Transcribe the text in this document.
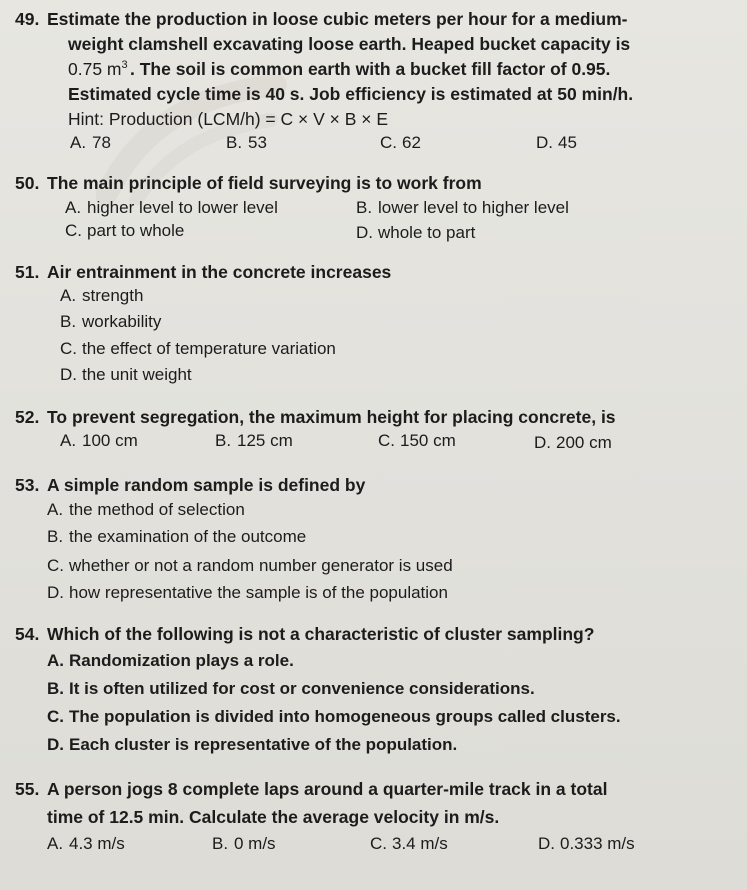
49. Estimate the production in loose cubic meters per hour for a medium-
weight clamshell excavating loose earth. Heaped bucket capacity is
0.75 $m^3$ . The soil is common earth with a bucket fill factor of 0.95.
Estimated cycle time is 40 s. Job efficiency is estimated at 50 min/h.
Hint: Production (LCM/h) = C × V × B × E
A. 78	B. 53	C. 62	D. 45
50. The main principle of field surveying is to work from
A. higher level to lower level	B. lower level to higher level
C. part to whole	D. whole to part
51. Air entrainment in the concrete increases
A. strength
B. workability
C. the effect of temperature variation
D. the unit weight
52. To prevent segregation, the maximum height for placing concrete, is
A. 100 cm	B. 125 cm	C. 150 cm	D. 200 cm
53. A simple random sample is defined by
A. the method of selection
B. the examination of the outcome
C. whether or not a random number generator is used
D. how representative the sample is of the population
54. Which of the following is not a characteristic of cluster sampling?
A. Randomization plays a role.
B. It is often utilized for cost or convenience considerations.
C. The population is divided into homogeneous groups called clusters.
D. Each cluster is representative of the population.
55. A person jogs 8 complete laps around a quarter-mile track in a total
time of 12.5 min. Calculate the average velocity in m/s.
A. 4.3 m/s	B. 0 m/s	C. 3.4 m/s	D. 0.333 m/s
